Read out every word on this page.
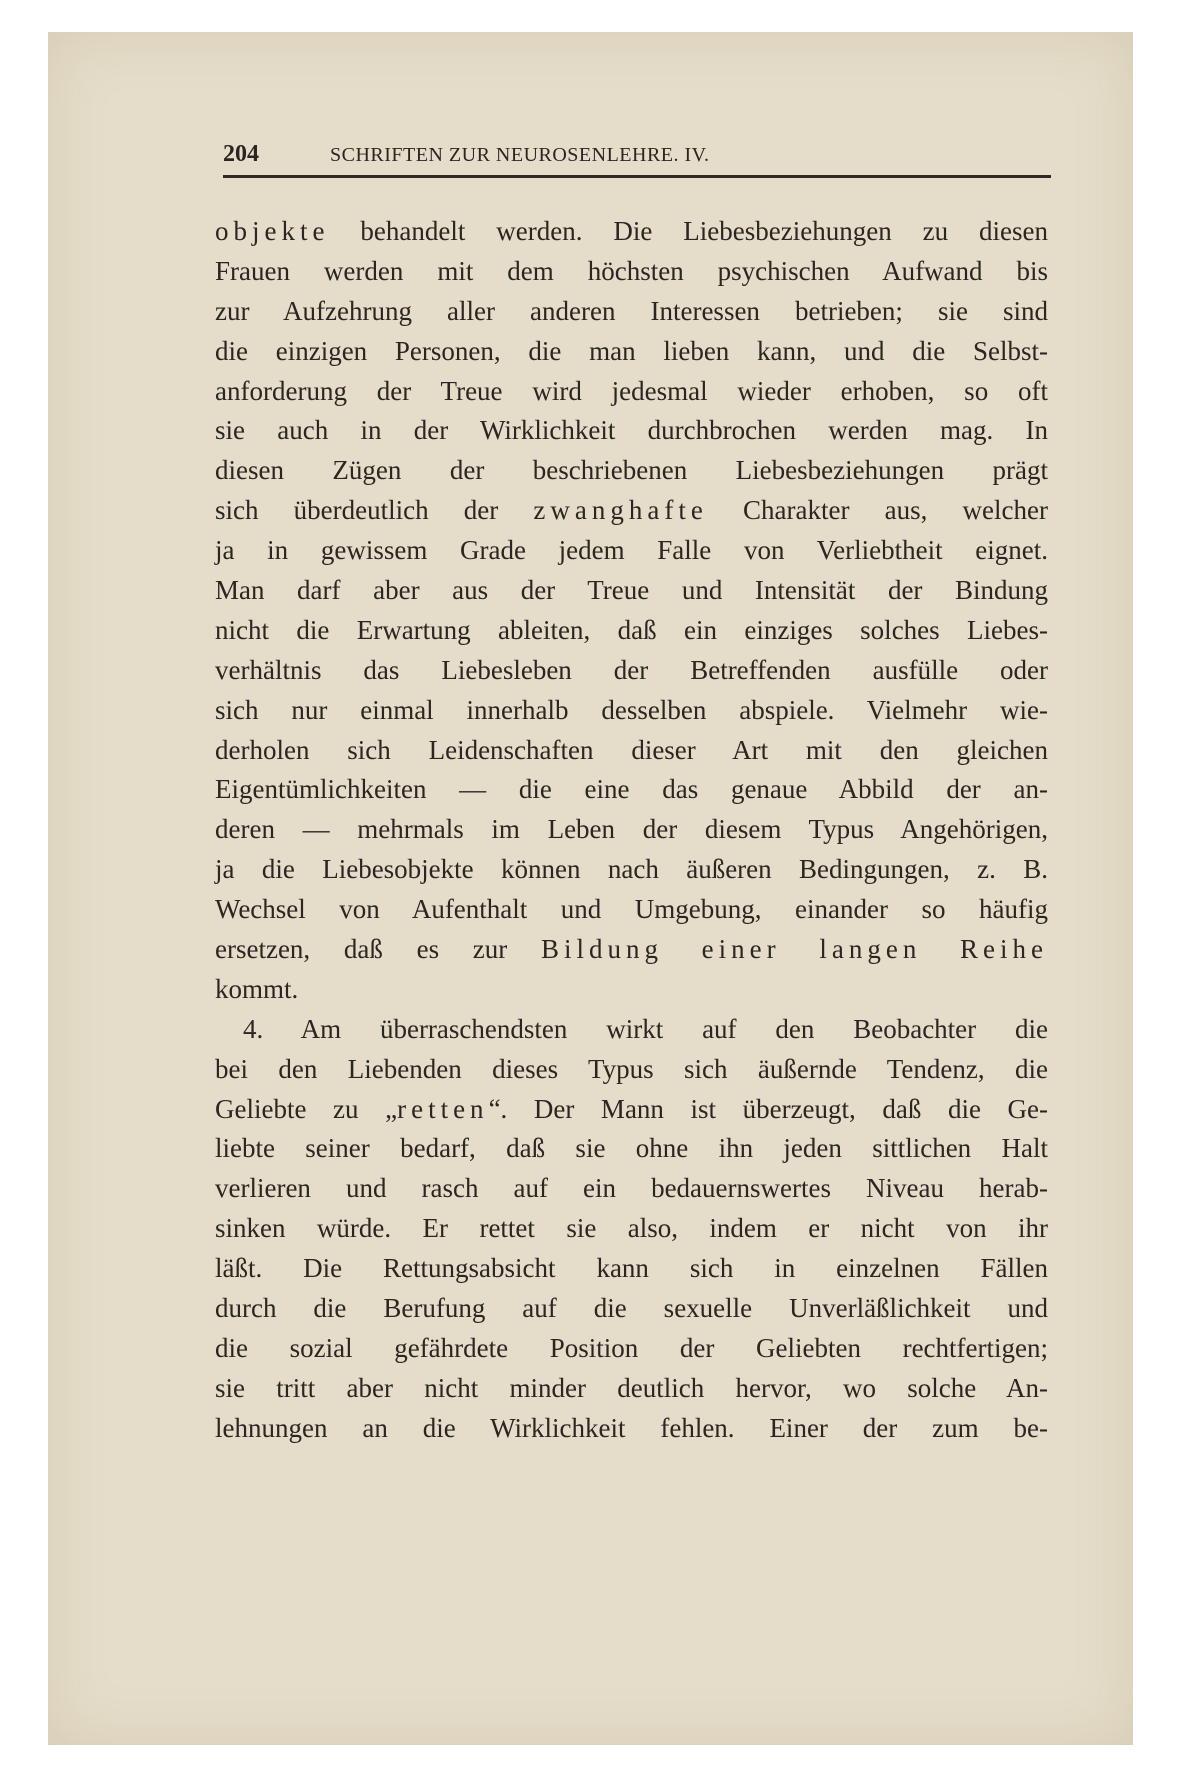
204	SCHRIFTEN ZUR NEUROSENLEHRE. IV.
objekte behandelt werden. Die Liebesbeziehungen zu diesen
Frauen werden mit dem höchsten psychischen Aufwand bis
zur Aufzehrung aller anderen Interessen betrieben; sie sind
die einzigen Personen, die man lieben kann, und die Selbst-
anforderung der Treue wird jedesmal wieder erhoben, so oft
sie auch in der Wirklichkeit durchbrochen werden mag. In
diesen Zügen der beschriebenen Liebesbeziehungen prägt
sich überdeutlich der zwanghafte Charakter aus, welcher
ja in gewissem Grade jedem Falle von Verliebtheit eignet.
Man darf aber aus der Treue und Intensität der Bindung
nicht die Erwartung ableiten, daß ein einziges solches Liebes-
verhältnis das Liebesleben der Betreffenden ausfülle oder
sich nur einmal innerhalb desselben abspiele. Vielmehr wie-
derholen sich Leidenschaften dieser Art mit den gleichen
Eigentümlichkeiten — die eine das genaue Abbild der an-
deren — mehrmals im Leben der diesem Typus Angehörigen,
ja die Liebesobjekte können nach äußeren Bedingungen, z. B.
Wechsel von Aufenthalt und Umgebung, einander so häufig
ersetzen, daß es zur Bildung einer langen Reihe
kommt.
4. Am überraschendsten wirkt auf den Beobachter die
bei den Liebenden dieses Typus sich äußernde Tendenz, die
Geliebte zu „retten“. Der Mann ist überzeugt, daß die Ge-
liebte seiner bedarf, daß sie ohne ihn jeden sittlichen Halt
verlieren und rasch auf ein bedauernswertes Niveau herab-
sinken würde. Er rettet sie also, indem er nicht von ihr
läßt. Die Rettungsabsicht kann sich in einzelnen Fällen
durch die Berufung auf die sexuelle Unverläßlichkeit und
die sozial gefährdete Position der Geliebten rechtfertigen;
sie tritt aber nicht minder deutlich hervor, wo solche An-
lehnungen an die Wirklichkeit fehlen. Einer der zum be-
